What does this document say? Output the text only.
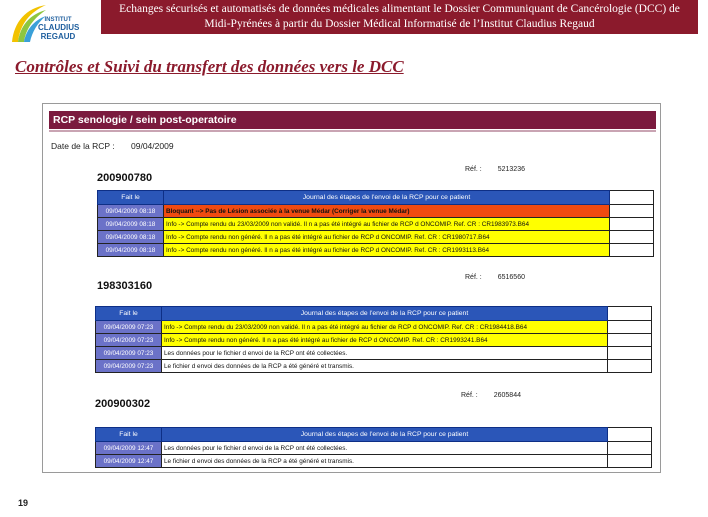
INSTITUT
CLAUDIUS
REGAUD
Echanges sécurisés et automatisés de données médicales alimentant le Dossier Communiquant de Cancérologie (DCC) de
Midi-Pyrénées à partir du Dossier Médical Informatisé de l’Institut Claudius Regaud
Contrôles et Suivi du transfert des données vers le DCC
RCP senologie / sein post-operatoire
Date de la RCP : 09/04/2009
Réf. : 5213236
200900780
Fait le	Journal des étapes de l'envoi de la RCP pour ce patient	
09/04/2009 08:18	Bloquant --> Pas de Lésion associée à la venue Médar (Corriger la venue Médar)	
09/04/2009 08:18	Info -> Compte rendu du 23/03/2009 non validé. Il n a pas été intégré au fichier de RCP d ONCOMIP. Ref. CR : CR1983973.B64	
09/04/2009 08:18	Info -> Compte rendu non généré. Il n a pas été intégré au fichier de RCP d ONCOMIP. Ref. CR : CR1980717.B64	
09/04/2009 08:18	Info -> Compte rendu non généré. Il n a pas été intégré au fichier de RCP d ONCOMIP. Ref. CR : CR1993113.B64	
Réf. : 6516560
198303160
Fait le	Journal des étapes de l'envoi de la RCP pour ce patient	
09/04/2009 07:23	Info -> Compte rendu du 23/03/2009 non validé. Il n a pas été intégré au fichier de RCP d ONCOMIP. Ref. CR : CR1984418.B64	
09/04/2009 07:23	Info -> Compte rendu non généré. Il n a pas été intégré au fichier de RCP d ONCOMIP. Ref. CR : CR1993241.B64	
09/04/2009 07:23	Les données pour le fichier d envoi de la RCP ont été collectées.	
09/04/2009 07:23	Le fichier d envoi des données de la RCP a été généré et transmis.	
Réf. : 2605844
200900302
Fait le	Journal des étapes de l'envoi de la RCP pour ce patient	
09/04/2009 12:47	Les données pour le fichier d envoi de la RCP ont été collectées.	
09/04/2009 12:47	Le fichier d envoi des données de la RCP a été généré et transmis.	
19
